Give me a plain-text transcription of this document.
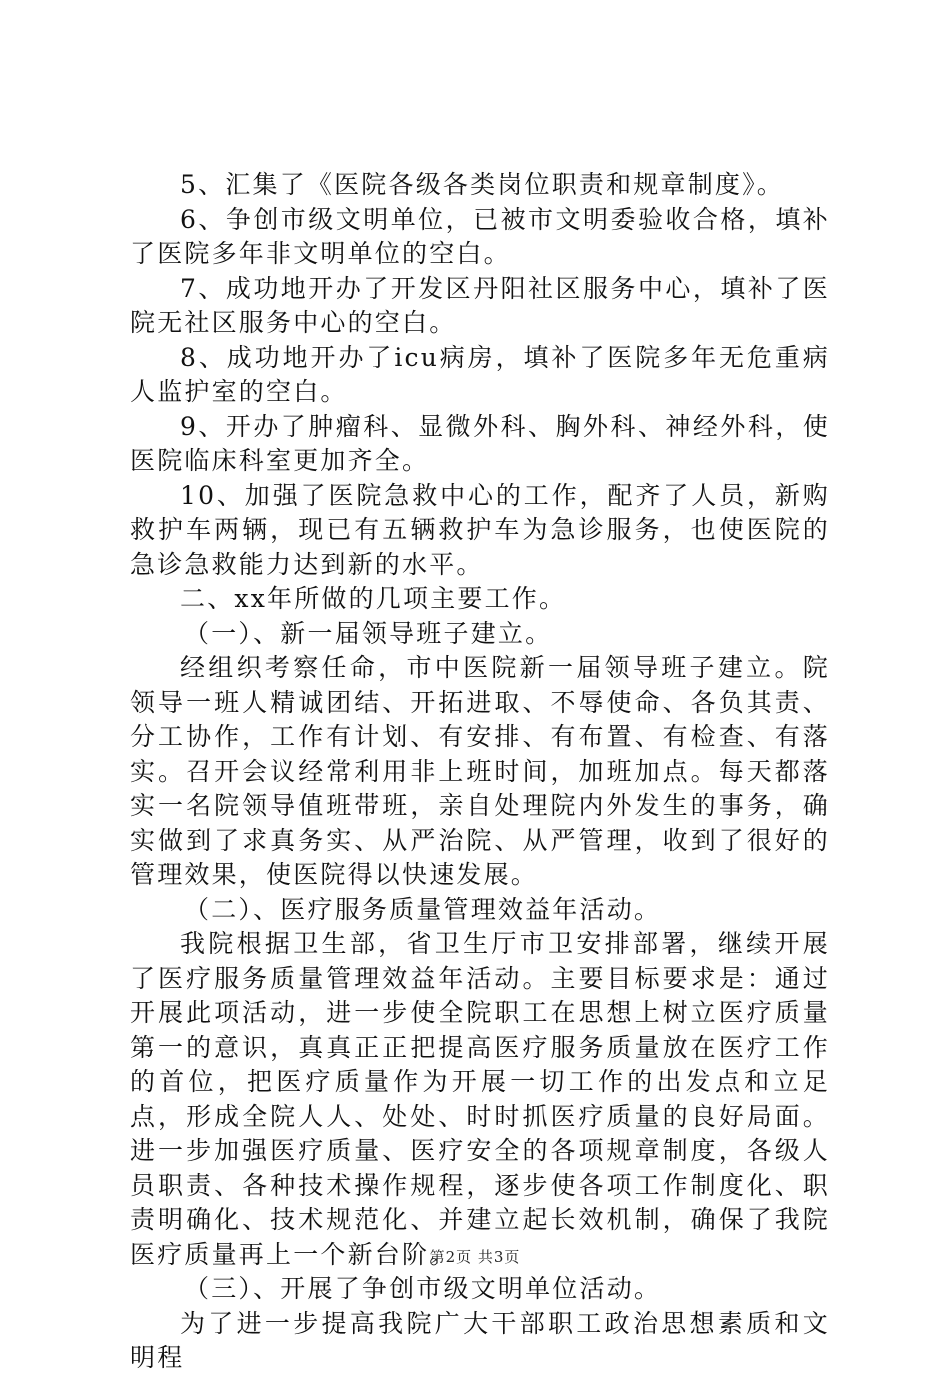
5、汇集了《医院各级各类岗位职责和规章制度》。

6、争创市级文明单位，已被市文明委验收合格，填补了医院多年非文明单位的空白。

7、成功地开办了开发区丹阳社区服务中心，填补了医院无社区服务中心的空白。

8、成功地开办了icu病房，填补了医院多年无危重病人监护室的空白。

9、开办了肿瘤科、显微外科、胸外科、神经外科，使医院临床科室更加齐全。

10、加强了医院急救中心的工作，配齐了人员，新购救护车两辆，现已有五辆救护车为急诊服务，也使医院的急诊急救能力达到新的水平。

二、xx年所做的几项主要工作。

（一）、新一届领导班子建立。

经组织考察任命，市中医院新一届领导班子建立。院领导一班人精诚团结、开拓进取、不辱使命、各负其责、分工协作，工作有计划、有安排、有布置、有检查、有落实。召开会议经常利用非上班时间，加班加点。每天都落实一名院领导值班带班，亲自处理院内外发生的事务，确实做到了求真务实、从严治院、从严管理，收到了很好的管理效果，使医院得以快速发展。

（二）、医疗服务质量管理效益年活动。

我院根据卫生部，省卫生厅市卫安排部署，继续开展了医疗服务质量管理效益年活动。主要目标要求是：通过开展此项活动，进一步使全院职工在思想上树立医疗质量第一的意识，真真正正把提高医疗服务质量放在医疗工作的首位，把医疗质量作为开展一切工作的出发点和立足点，形成全院人人、处处、时时抓医疗质量的良好局面。进一步加强医疗质量、医疗安全的各项规章制度，各级人员职责、各种技术操作规程，逐步使各项工作制度化、职责明确化、技术规范化、并建立起长效机制，确保了我院医疗质量再上一个新台阶。

（三）、开展了争创市级文明单位活动。

为了进一步提高我院广大干部职工政治思想素质和文明程

第2页 共3页
